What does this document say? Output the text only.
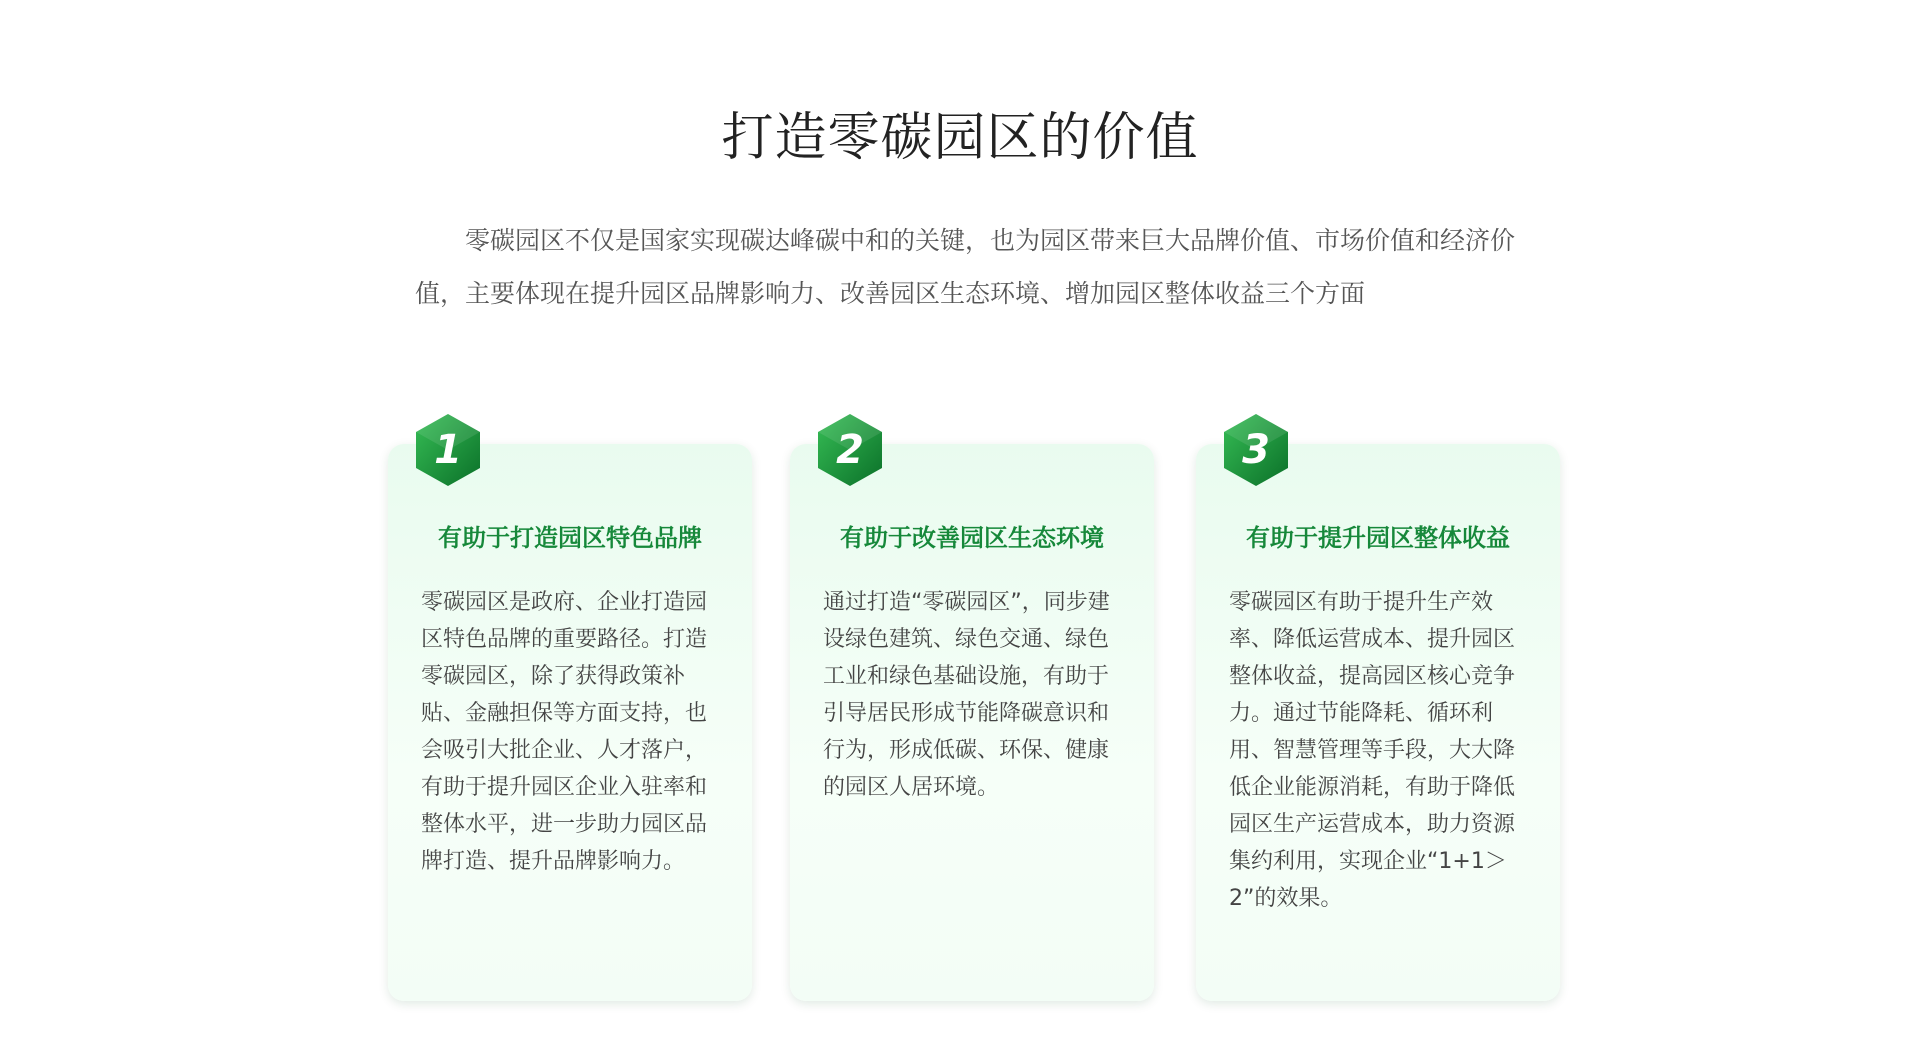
打造零碳园区的价值

零碳园区不仅是国家实现碳达峰碳中和的关键，也为园区带来巨大品牌价值、市场价值和经济价值，主要体现在提升园区品牌影响力、改善园区生态环境、增加园区整体收益三个方面

1
有助于打造园区特色品牌

零碳园区是政府、企业打造园区特色品牌的重要路径。打造零碳园区，除了获得政策补贴、金融担保等方面支持，也会吸引大批企业、人才落户，有助于提升园区企业入驻率和整体水平，进一步助力园区品牌打造、提升品牌影响力。

2
有助于改善园区生态环境

通过打造“零碳园区”，同步建设绿色建筑、绿色交通、绿色工业和绿色基础设施，有助于引导居民形成节能降碳意识和行为，形成低碳、环保、健康的园区人居环境。

3
有助于提升园区整体收益

零碳园区有助于提升生产效率、降低运营成本、提升园区整体收益，提高园区核心竞争力。通过节能降耗、循环利用、智慧管理等手段，大大降低企业能源消耗，有助于降低园区生产运营成本，助力资源集约利用，实现企业“1+1＞2”的效果。
